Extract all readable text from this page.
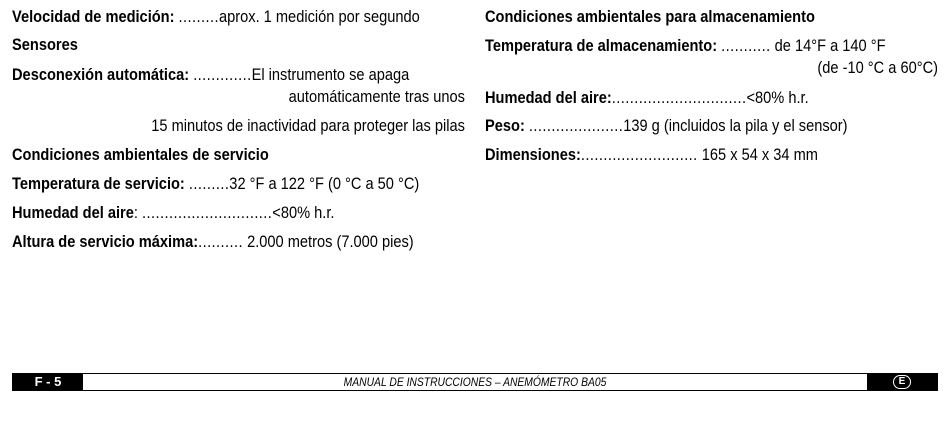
Velocidad de medición: .........aprox. 1 medición por segundo
Sensores
Desconexión automática: .............El instrumento se apaga
automáticamente tras unos
15 minutos de inactividad para proteger las pilas
Condiciones ambientales de servicio
Temperatura de servicio: .........32 °F a 122 °F (0 °C a 50 °C)
Humedad del aire: .............................<80% h.r.
Altura de servicio máxima:.......... 2.000 metros (7.000 pies)
Condiciones ambientales para almacenamiento
Temperatura de almacenamiento: ........... de 14°F a 140 °F
(de -10 °C a 60°C)
Humedad del aire:..............................<80% h.r.
Peso: .....................139 g (incluidos la pila y el sensor)
Dimensiones:.......................... 165 x 54 x 34 mm
F - 5	MANUAL DE INSTRUCCIONES – ANEMÓMETRO BA05	E
